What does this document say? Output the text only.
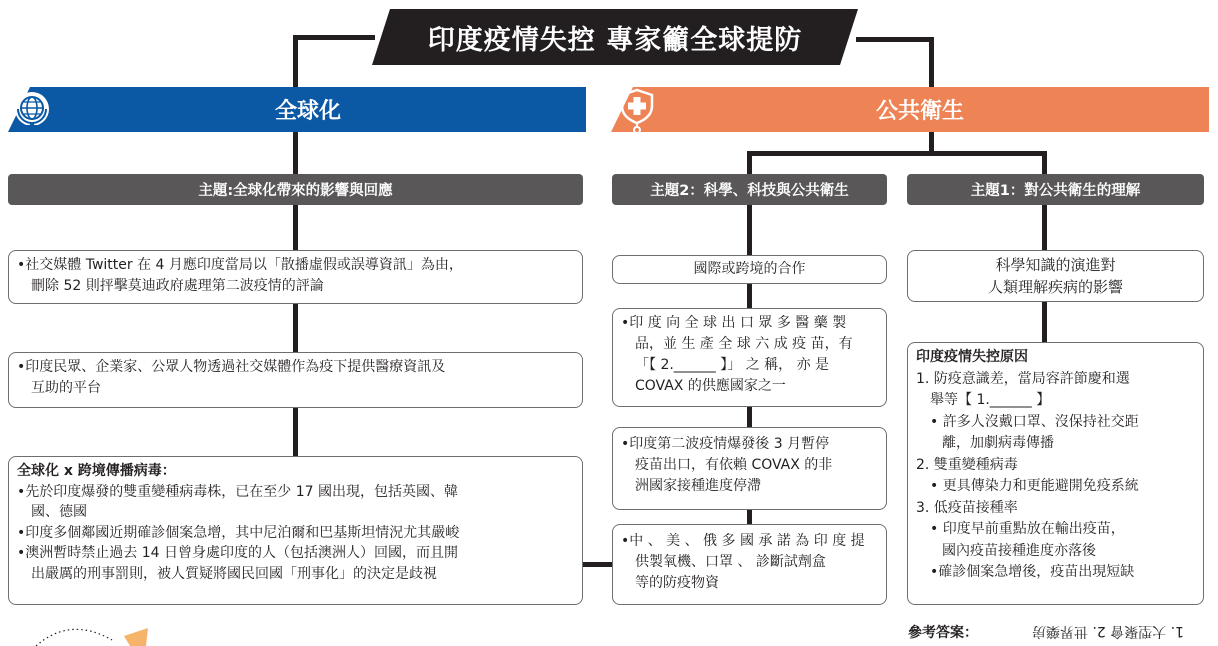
印度疫情失控 專家籲全球提防
全球化	公共衛生
主題:全球化帶來的影響與回應	主題2：科學、科技與公共衛生	主題1：對公共衛生的理解
•社交媒體 Twitter 在 4 月應印度當局以「散播虛假或誤導資訊」為由，
刪除 52 則抨擊莫迪政府處理第二波疫情的評論
•印度民眾、企業家、公眾人物透過社交媒體作為疫下提供醫療資訊及
互助的平台
全球化 x 跨境傳播病毒：
•先於印度爆發的雙重變種病毒株，已在至少 17 國出現，包括英國、韓
國、德國
•印度多個鄰國近期確診個案急增，其中尼泊爾和巴基斯坦情況尤其嚴峻
•澳洲暫時禁止過去 14 日曾身處印度的人（包括澳洲人）回國，而且開
出嚴厲的刑事罰則，被人質疑將國民回國「刑事化」的決定是歧視
國際或跨境的合作
•印 度 向 全 球 出 口 眾 多 醫 藥 製
品，並 生 產 全 球 六 成 疫 苗，有
「【 2.______ 】」 之 稱， 亦 是
COVAX 的供應國家之一
•印度第二波疫情爆發後 3 月暫停
疫苗出口，有依賴 COVAX 的非
洲國家接種進度停滯
•中 、 美 、 俄 多 國 承 諾 為 印 度 提
供製氧機、口罩 、 診斷試劑盒
等的防疫物資
科學知識的演進對
人類理解疾病的影響
印度疫情失控原因
1. 防疫意識差，當局容許節慶和選
舉等【 1.______ 】
• 許多人沒戴口罩、沒保持社交距
離，加劇病毒傳播
2. 雙重變種病毒
• 更具傳染力和更能避開免疫系統
3. 低疫苗接種率
• 印度早前重點放在輸出疫苗，
國內疫苗接種進度亦落後
•確診個案急增後，疫苗出現短缺
參考答案：	1. 大型聚會 2. 世界藥房
